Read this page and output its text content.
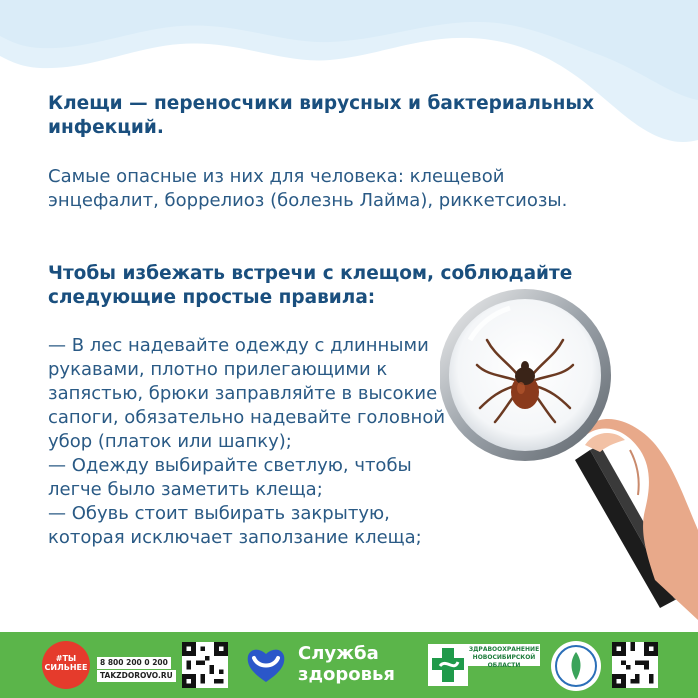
Клещи — переносчики вирусных и бактериальных инфекций.

Самые опасные из них для человека: клещевой энцефалит, боррелиоз (болезнь Лайма), риккетсиозы.

Чтобы избежать встречи с клещом, соблюдайте следующие простые правила:

— В лес надевайте одежду с длинными рукавами, плотно прилегающими к запястью, брюки заправляйте в высокие сапоги, обязательно надевайте головной убор (платок или шапку);

— Одежду выбирайте светлую, чтобы легче было заметить клеща;

— Обувь стоит выбирать закрытую, которая исключает заползание клеща;

#ТЫ СИЛЬНЕЕ
8 800 200 0 200
TAKZDOROVO.RU
Служба
здоровья
ЗДРАВООХРАНЕНИЕ
НОВОСИБИРСКОЙ ОБЛАСТИ
